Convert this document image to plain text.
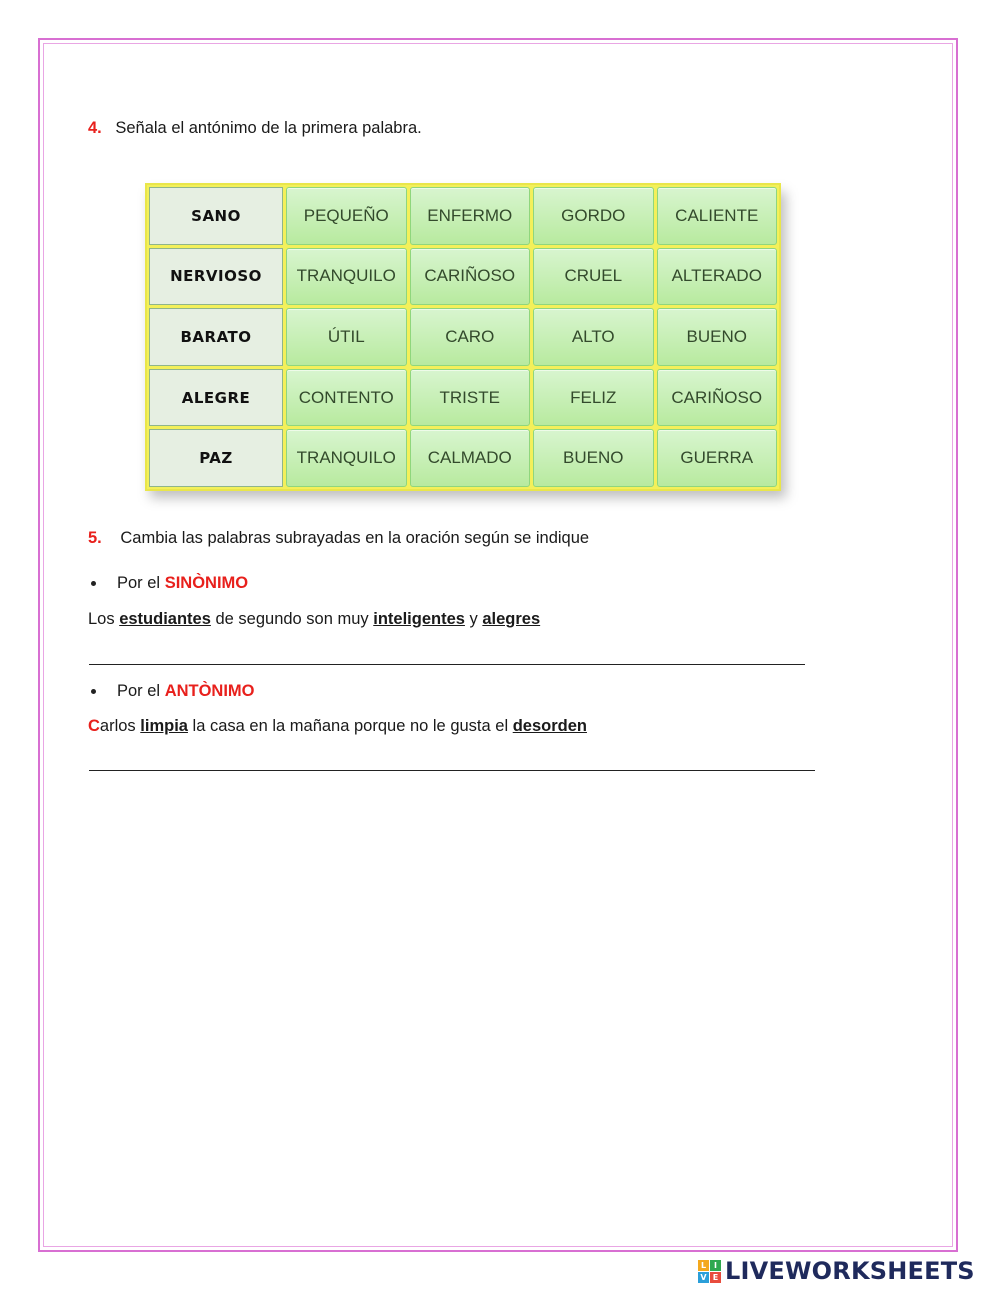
4. Señala el antónimo de la primera palabra.
SANO	PEQUEÑO	ENFERMO	GORDO	CALIENTE
NERVIOSO	TRANQUILO	CARIÑOSO	CRUEL	ALTERADO
BARATO	ÚTIL	CARO	ALTO	BUENO
ALEGRE	CONTENTO	TRISTE	FELIZ	CARIÑOSO
PAZ	TRANQUILO	CALMADO	BUENO	GUERRA
5. Cambia las palabras subrayadas en la oración según se indique
Por el SINÒNIMO
Los estudiantes de segundo son muy inteligentes y alegres
Por el ANTÒNIMO
Carlos limpia la casa en la mañana porque no le gusta el desorden
L I
V E LIVEWORKSHEETS
